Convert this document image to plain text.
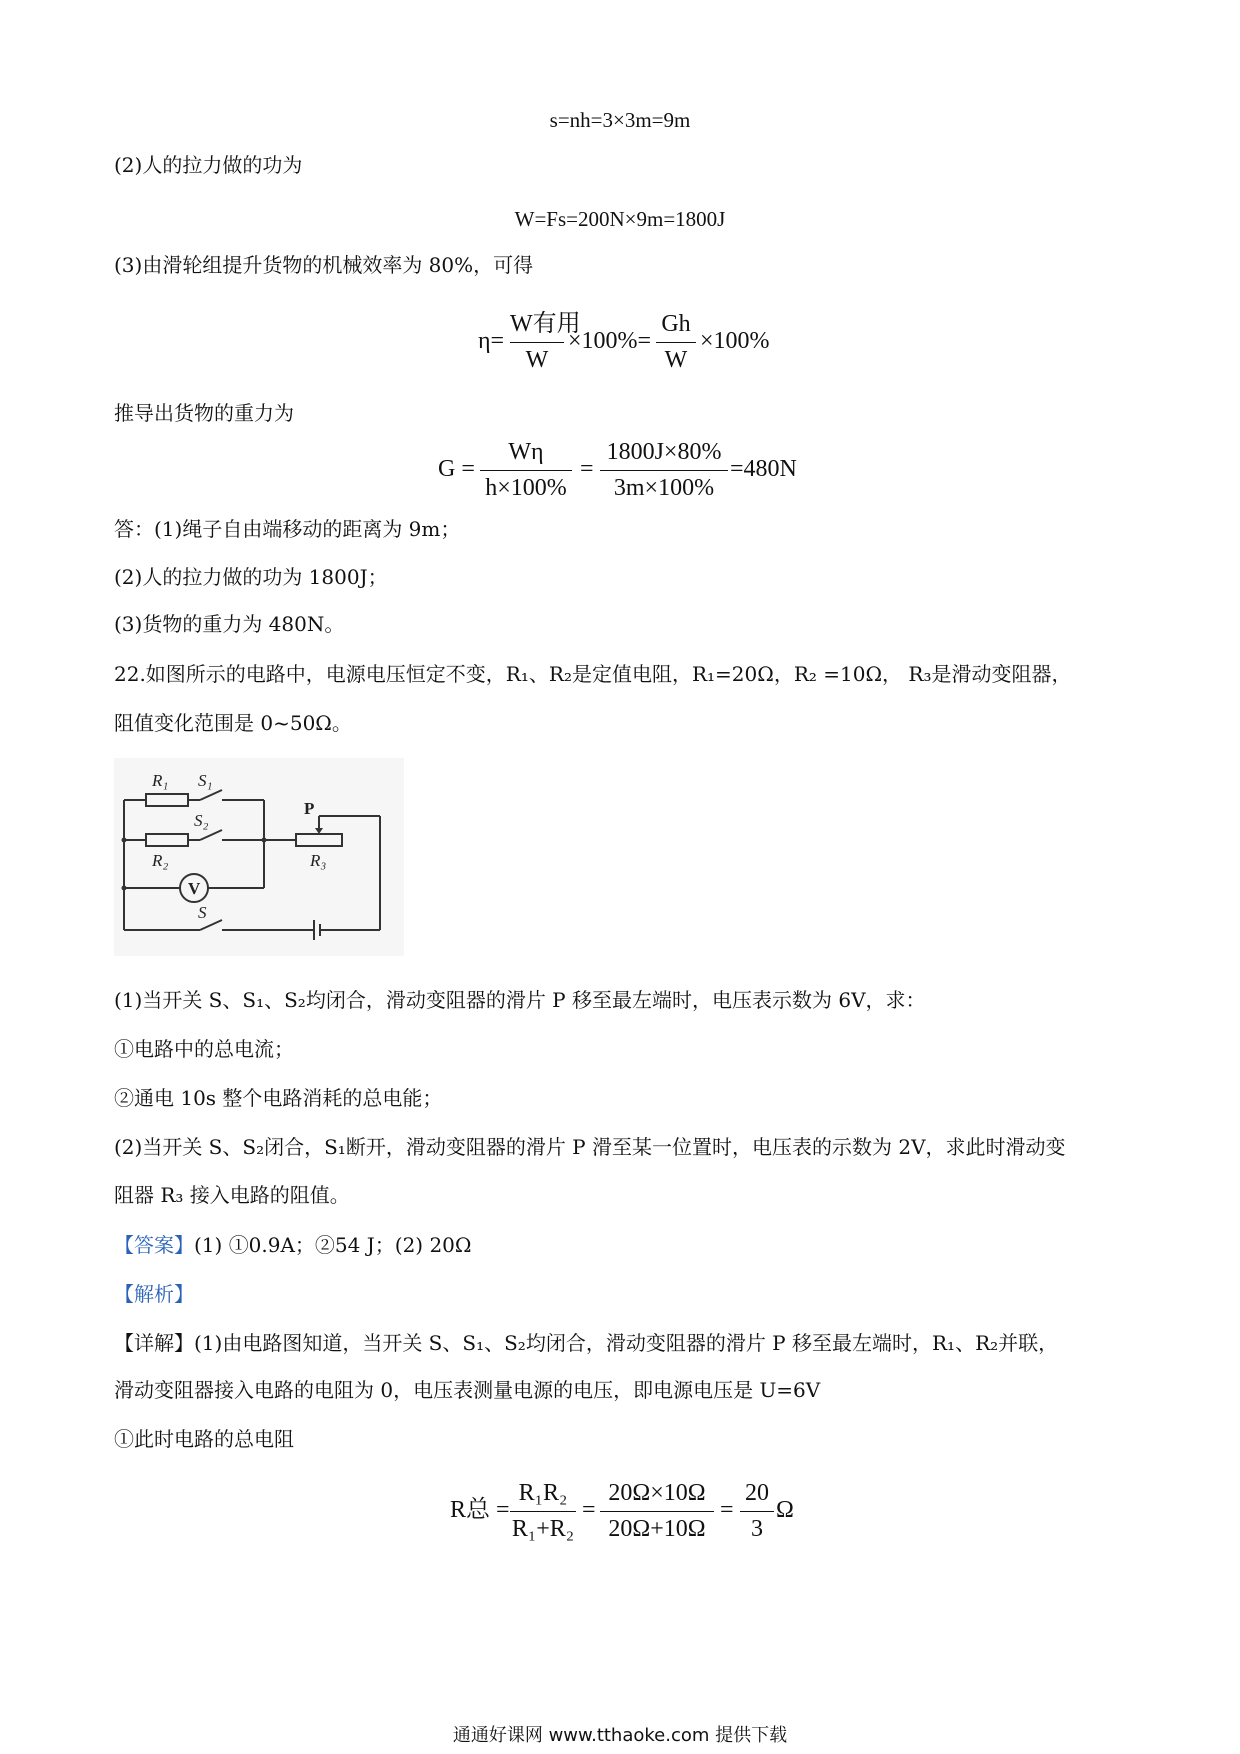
s=nh=3×3m=9m
(2)人的拉力做的功为
W=Fs=200N×9m=1800J
(3)由滑轮组提升货物的机械效率为 80%，可得
η=
W有用
W
×100%=
Gh
W
×100%
推导出货物的重力为
G =
Wη
h×100%
=
1800J×80%
3m×100%
=480N
答：(1)绳子自由端移动的距离为 9m；
(2)人的拉力做的功为 1800J；
(3)货物的重力为 480N。
22.如图所示的电路中，电源电压恒定不变，R₁、R₂是定值电阻，R₁=20Ω，R₂ =10Ω， R₃是滑动变阻器，
阻值变化范围是 0~50Ω。
R₁ S₁
S₂
R₂
P
R₃
V
S
(1)当开关 S、S₁、S₂均闭合，滑动变阻器的滑片 P 移至最左端时，电压表示数为 6V，求：
①电路中的总电流；
②通电 10s 整个电路消耗的总电能；
(2)当开关 S、S₂闭合，S₁断开，滑动变阻器的滑片 P 滑至某一位置时，电压表的示数为 2V，求此时滑动变
阻器 R₃ 接入电路的阻值。
【答案】(1) ①0.9A；②54 J；(2) 20Ω
【解析】
【详解】(1)由电路图知道，当开关 S、S₁、S₂均闭合，滑动变阻器的滑片 P 移至最左端时，R₁、R₂并联，
滑动变阻器接入电路的电阻为 0，电压表测量电源的电压，即电源电压是 U=6V
①此时电路的总电阻
R总 =
R₁R₂
R₁+R₂
=
20Ω×10Ω
20Ω+10Ω
=
20
3
Ω
通通好课网 www.tthaoke.com 提供下载
